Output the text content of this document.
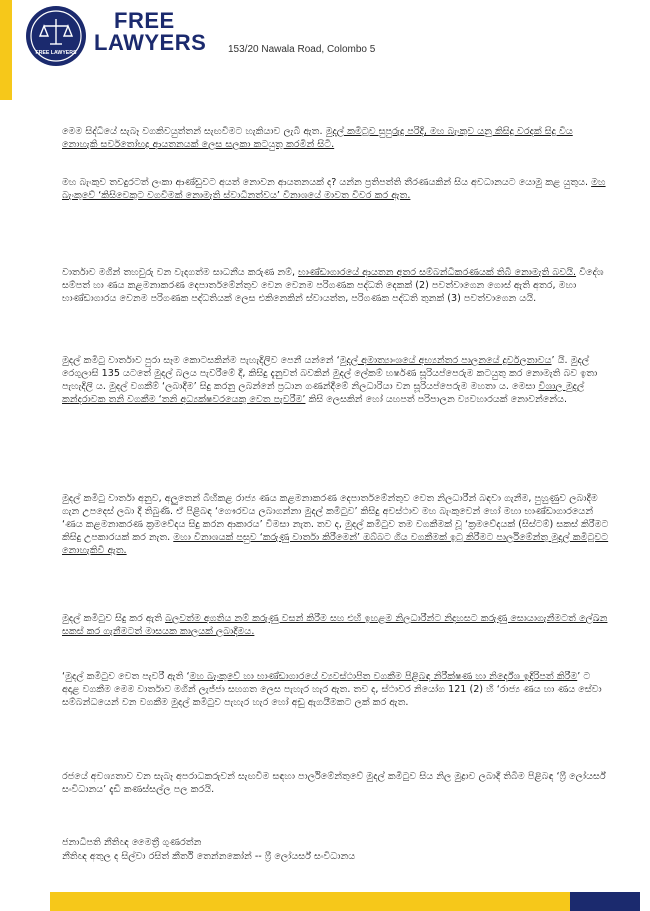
FREE LAWYERS
FREE
LAWYERS 153/20 Nawala Road, Colombo 5

මෙම සිද්ධියේ සැබෑ වගකිවයුත්තන් සැඟවීමට හැකියාව ලැබී ඇත. මුදල් කමිටුව සුපුරුදු පරිදි, මහ බැංකුව යනු කිසිදු වරදක් සිදු විය නොහැකි සර්වතෝභද්‍ර ආයතනයක් ලෙස සලකා කටයුතු කරමින් සිටී.

මහ බැංකුව තවදුරටත් ලංකා ආණ්ඩුවට අයත් නොවන ආයතනයක් ද? යන්න ප්‍රතිපත්ති තීරණයකින් සිය අවධානයට යොමු කළ යුතුය. මහ බැංකුවේ ‘කිසිවෙකුට වගවීමක් නොමැති ස්වාධීනත්වය’ විනාශයේ මාවත විවර කර ඇත.

වාර්තාව මගින් තහවුරු වන වැදගත්ම සාධනීය කරුණ නම්, භාණ්ඩාගාරයේ ආයතන අතර සම්බන්ධීකරණයක් තිබී නොමැති බවයි. විදේශ සම්පත් හා ණය කළමනාකරණ දෙපාර්තමේන්තුව වෙන වෙනම පරිගණක පද්ධති දෙකක් (2) පවත්වාගෙන ගොස් ඇති අතර, මහා භාණ්ඩාගාරය වෙනම පරිගණක පද්ධතියක් ලෙස එකිනෙකින් ස්වායත්ත, පරිගණක පද්ධති තුනක් (3) පවත්වාගෙන යයි.

මුදල් කමිටු වාර්තාව පුරා සෑම කොටසකින්ම පැහැදිලිව පෙනී යන්නේ ‘මුදල් අමාත්‍යාංශයේ අභ්‍යන්තර පාලනයේ දුර්වලතාවය’ යි. මුදල් රෙගුලාසි 135 යටතේ මුදල් බලය පැවරීමේ දී, කිසිදු දැනුවත් බවකින් මුදල් ලේකම් හර්ෂණ සූරියප්පෙරුම කටයුතු කර නොමැති බව ඉතා පැහැදිලි ය. මුදල් වගකීම් ‘ලබාදීම’ සිදු කරනු ලබන්නේ ප්‍රධාන ගණන්දීමේ නිලධාරියා වන සූරියප්පෙරුම මහතා ය. මෙසා විශාල මුදල් කන්දරාවක තනි වගකීම ‘තනි අධ්‍යක්ෂවරයෙකු වෙත පැවරීම’ කිසි ලෙසකින් හෝ යහපත් පරිපාලන ව්‍යවහාරයක් නොවන්නේය.

මුදල් කමිටු වාර්තා අනුව, අලුතෙන් බිහිකළ රාජ්‍ය ණය කළමනාකරණ දෙපාර්තමේන්තුව වෙත නිලධාරීන් බඳවා ගැනීම, පුහුණුව ලබාදීම ගැන උපදෙස් ලබා දී තිබුණි. ඒ පිළිබඳ ‘ගෞරවය ලබාගන්නා මුදල් කමිටුව’ කිසිදු අවස්ථාව මහ බැංකුවෙන් හෝ මහා භාණ්ඩාගාරයෙන් ‘ණය කළමනාකරණ ක්‍රමවේදය සිදු කරන ආකාරය’ විමසා නැත. තව ද, මුදල් කමිටුව තම වගකීමක් වූ ‘ක්‍රමවේදයක් (සිස්ටම්) සකස් කිරීමට කිසිදු උපකාරයක් කර නැත. මහා විනාශයක් පසුව ‘කරුණු වාර්තා කිරීමෙන්’ ඔබ්බට ගිය වගකීමක් ඉටු කිරීමට පාර්ලිමේන්තු මුදල් කමිටුවට නොහැකිවී ඇත.

මුදල් කමිටුව සිදු කර ඇති බලවත්ම අගතිය නම් කරුණු වසන් කිරීම සහ එහි ඉහළම නිලධාරීන්ට නිදහසට කරුණු සොයාගැනීමටත් ලේඛන සකස් කර ගැනීමටත් මාසයක කාලයක් ලබාදීමය.

‘මුදල් කමිටුව වෙත පැවරී ඇති ‘මහ බැංකුවේ හා භාණ්ඩාගාරයේ ව්‍යවස්ථාපිත වගකීම පිළිබඳ නිරීක්ෂණ හා නිර්දේශ ඉදිරිපත් කිරීම’ ට අදාළ වගකීම මෙම වාර්තාව මගින් ලැජ්ජා සහගත ලෙස පැහැර හැර ඇත. තව ද, ස්ථාවර නියෝග 121 (2) හි ‘රාජ්‍ය ණය හා ණය සේවා සම්බන්ධයෙන් වන වගකීම මුදල් කමිටුව පැහැර හැර හෝ අඩු ඇගයීමකට ලක් කර ඇත.

රජයේ අවශ්‍යතාව වන සැබෑ අපරාධකරුවන් සැඟවීම සඳහා පාර්ලිමේන්තුවේ මුදල් කමිටුව සිය නිල මුද්‍රාව ලබාදී තිබීම පිළිබඳ ‘ෆ්‍රී ලෝයර්ස් සංවිධානය’ දැඩි කණස්සල්ල පල කරයි.

ජනාධිපති නීතිඥ මෛත්‍රී ගුණරත්න
නීතිඥ අතුල ද සිල්වා රසිත් කීර්ති තෙන්නකෝන් -- ෆ්‍රී ලෝයර්ස් සංවිධානය
